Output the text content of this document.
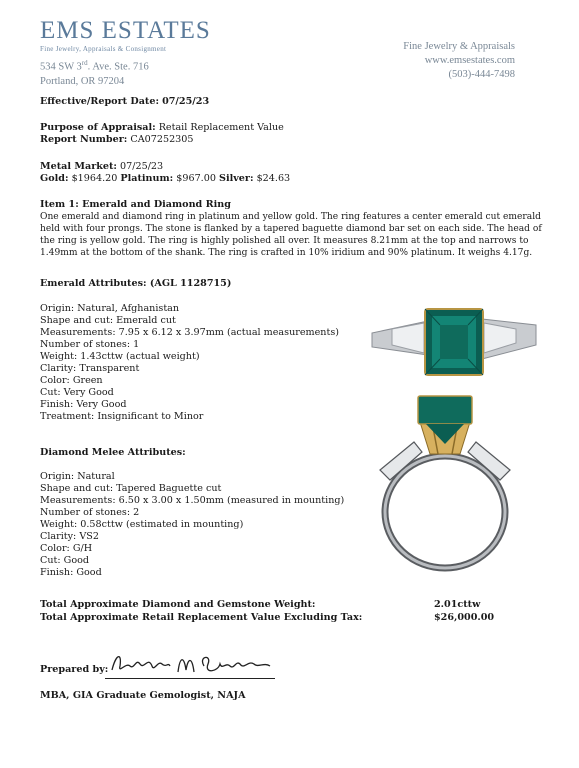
EMS ESTATES
Fine Jewelry, Appraisals & Consignment
534 SW 3rd. Ave. Ste. 716
Portland, OR 97204
Fine Jewelry & Appraisals
www.emsestates.com
(503)-444-7498
Effective/Report Date: 07/25/23
Purpose of Appraisal: Retail Replacement Value
Report Number: CA07252305
Metal Market: 07/25/23
Gold: $1964.20 Platinum: $967.00 Silver: $24.63
Item 1: Emerald and Diamond Ring
One emerald and diamond ring in platinum and yellow gold. The ring features a center emerald cut emerald held with four prongs. The stone is flanked by a tapered baguette diamond bar set on each side. The head of the ring is yellow gold. The ring is highly polished all over. It measures 8.21mm at the top and narrows to 1.49mm at the bottom of the shank. The ring is crafted in 10% iridium and 90% platinum. It weighs 4.17g.
Emerald Attributes: (AGL 1128715)
Origin: Natural, Afghanistan
Shape and cut: Emerald cut
Measurements: 7.95 x 6.12 x 3.97mm (actual measurements)
Number of stones: 1
Weight: 1.43cttw (actual weight)
Clarity: Transparent
Color: Green
Cut: Very Good
Finish: Very Good
Treatment: Insignificant to Minor
Diamond Melee Attributes:
Origin: Natural
Shape and cut: Tapered Baguette cut
Measurements: 6.50 x 3.00 x 1.50mm (measured in mounting)
Number of stones: 2
Weight: 0.58cttw (estimated in mounting)
Clarity: VS2
Color: G/H
Cut: Good
Finish: Good
Total Approximate Diamond and Gemstone Weight:	2.01cttw
Total Approximate Retail Replacement Value Excluding Tax:	$26,000.00
Prepared by:
MBA, GIA Graduate Gemologist, NAJA
